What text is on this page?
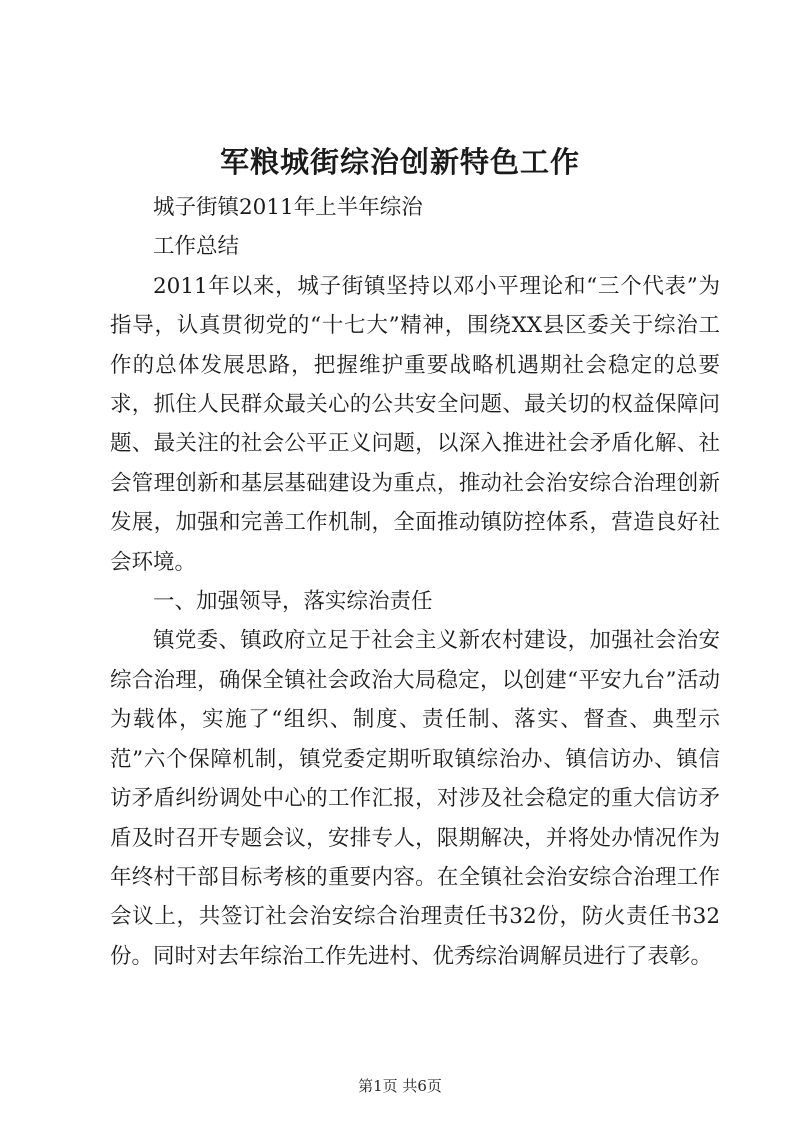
军粮城街综治创新特色工作

城子街镇2011年上半年综治

工作总结

2011年以来，城子街镇坚持以邓小平理论和“三个代表”为指导，认真贯彻党的“十七大”精神，围绕XX县区委关于综治工作的总体发展思路，把握维护重要战略机遇期社会稳定的总要求，抓住人民群众最关心的公共安全问题、最关切的权益保障问题、最关注的社会公平正义问题，以深入推进社会矛盾化解、社会管理创新和基层基础建设为重点，推动社会治安综合治理创新发展，加强和完善工作机制，全面推动镇防控体系，营造良好社会环境。

一、加强领导，落实综治责任

镇党委、镇政府立足于社会主义新农村建设，加强社会治安综合治理，确保全镇社会政治大局稳定，以创建“平安九台”活动为载体，实施了“组织、制度、责任制、落实、督查、典型示范”六个保障机制，镇党委定期听取镇综治办、镇信访办、镇信访矛盾纠纷调处中心的工作汇报，对涉及社会稳定的重大信访矛盾及时召开专题会议，安排专人，限期解决，并将处办情况作为年终村干部目标考核的重要内容。在全镇社会治安综合治理工作会议上，共签订社会治安综合治理责任书32份，防火责任书32份。同时对去年综治工作先进村、优秀综治调解员进行了表彰。

第1页 共6页
